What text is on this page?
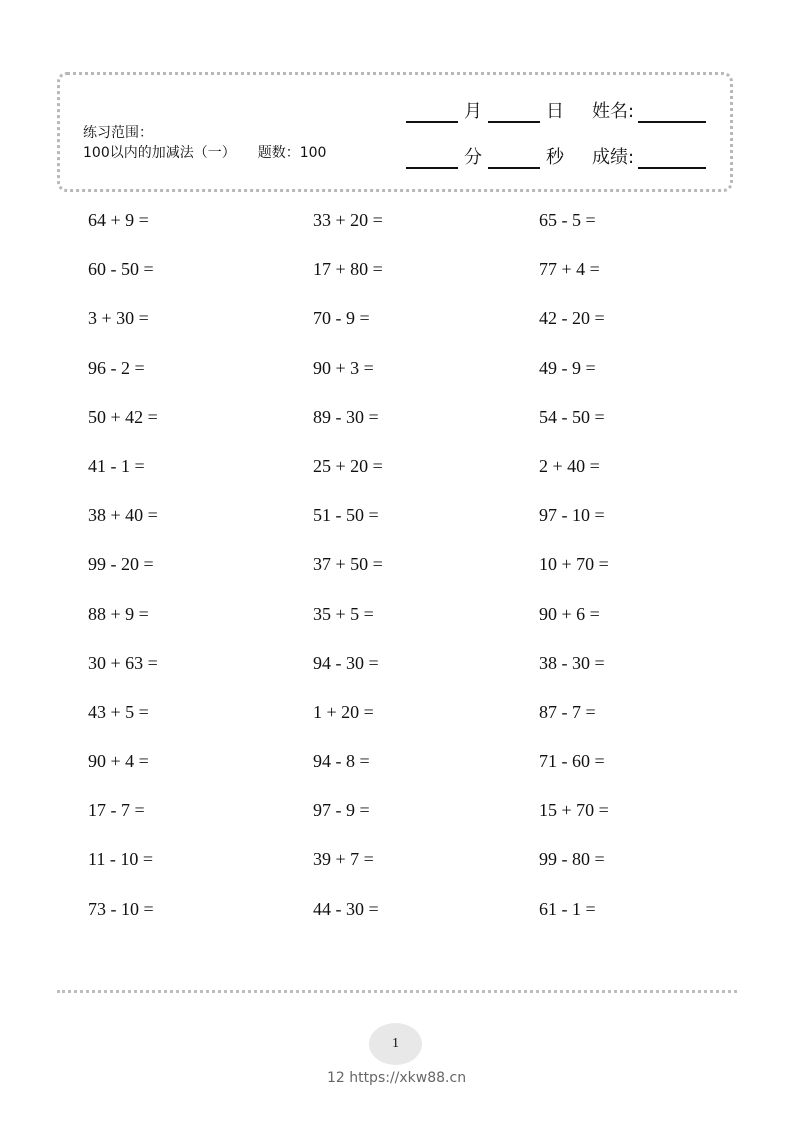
练习范围：
100以内的加减法（一） 题数：100
月	日 姓名:
分	秒 成绩:
64 + 9 =	33 + 20 =	65 - 5 =
60 - 50 =	17 + 80 =	77 + 4 =
3 + 30 =	70 - 9 =	42 - 20 =
96 - 2 =	90 + 3 =	49 - 9 =
50 + 42 =	89 - 30 =	54 - 50 =
41 - 1 =	25 + 20 =	2 + 40 =
38 + 40 =	51 - 50 =	97 - 10 =
99 - 20 =	37 + 50 =	10 + 70 =
88 + 9 =	35 + 5 =	90 + 6 =
30 + 63 =	94 - 30 =	38 - 30 =
43 + 5 =	1 + 20 =	87 - 7 =
90 + 4 =	94 - 8 =	71 - 60 =
17 - 7 =	97 - 9 =	15 + 70 =
11 - 10 =	39 + 7 =	99 - 80 =
73 - 10 =	44 - 30 =	61 - 1 =
1
12 https://xkw88.cn
